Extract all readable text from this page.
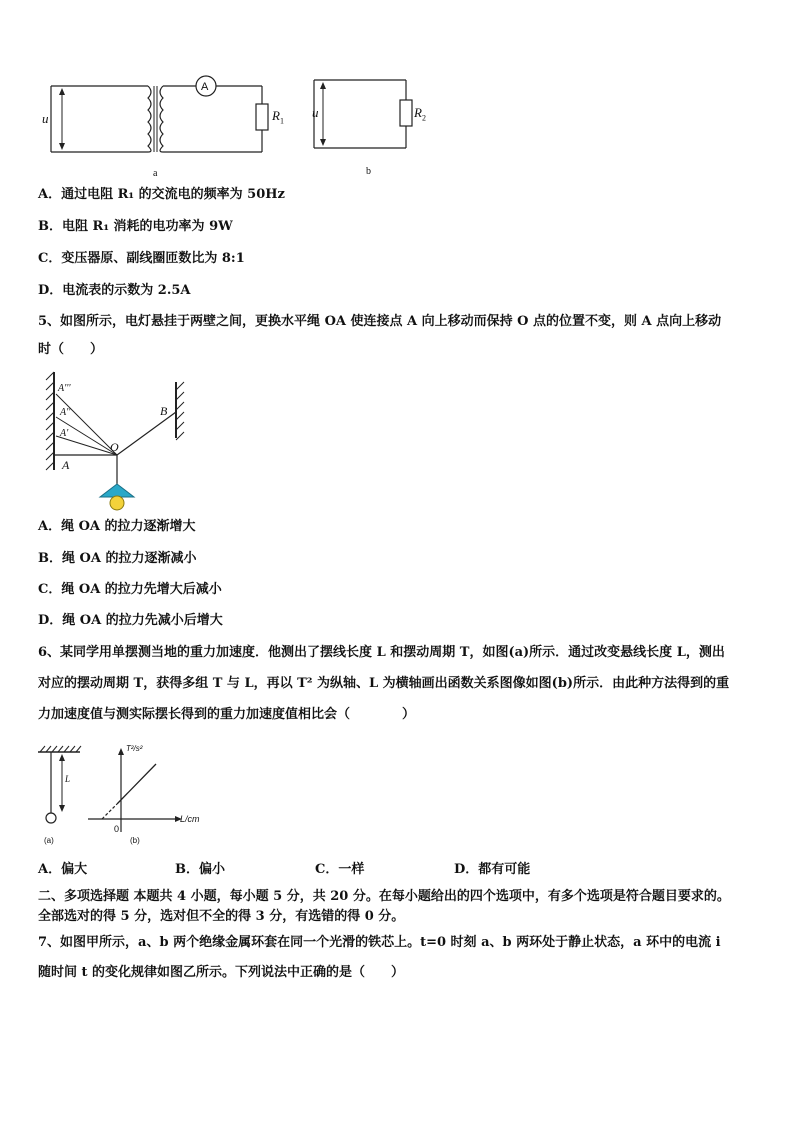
u
A
$R_1$
a
u	$R_2$
b
A．通过电阻 R₁ 的交流电的频率为 50Hz
B．电阻 R₁ 消耗的电功率为 9W
C．变压器原、副线圈匝数比为 8:1
D．电流表的示数为 2.5A
5、如图所示，电灯悬挂于两壁之间，更换水平绳 OA 使连接点 A 向上移动而保持 O 点的位置不变，则 A 点向上移动
时（　　）
A'''
A''
A'
A
O
B
A．绳 OA 的拉力逐渐增大
B．绳 OA 的拉力逐渐减小
C．绳 OA 的拉力先增大后减小
D．绳 OA 的拉力先减小后增大
6、某同学用单摆测当地的重力加速度．他测出了摆线长度 L 和摆动周期 T，如图(a)所示．通过改变悬线长度 L，测出
对应的摆动周期 T，获得多组 T 与 L，再以 T² 为纵轴、L 为横轴画出函数关系图像如图(b)所示．由此种方法得到的重
力加速度值与测实际摆长得到的重力加速度值相比会（　　　　）
L
T²/s²
L/cm
0
(a)	(b)
A．偏大	B．偏小	C．一样	D．都有可能
二、多项选择题 本题共 4 小题，每小题 5 分，共 20 分。在每小题给出的四个选项中，有多个选项是符合题目要求的。
全部选对的得 5 分，选对但不全的得 3 分，有选错的得 0 分。
7、如图甲所示，a、b 两个绝缘金属环套在同一个光滑的铁芯上。t=0 时刻 a、b 两环处于静止状态，a 环中的电流 i
随时间 t 的变化规律如图乙所示。下列说法中正确的是（　　）
